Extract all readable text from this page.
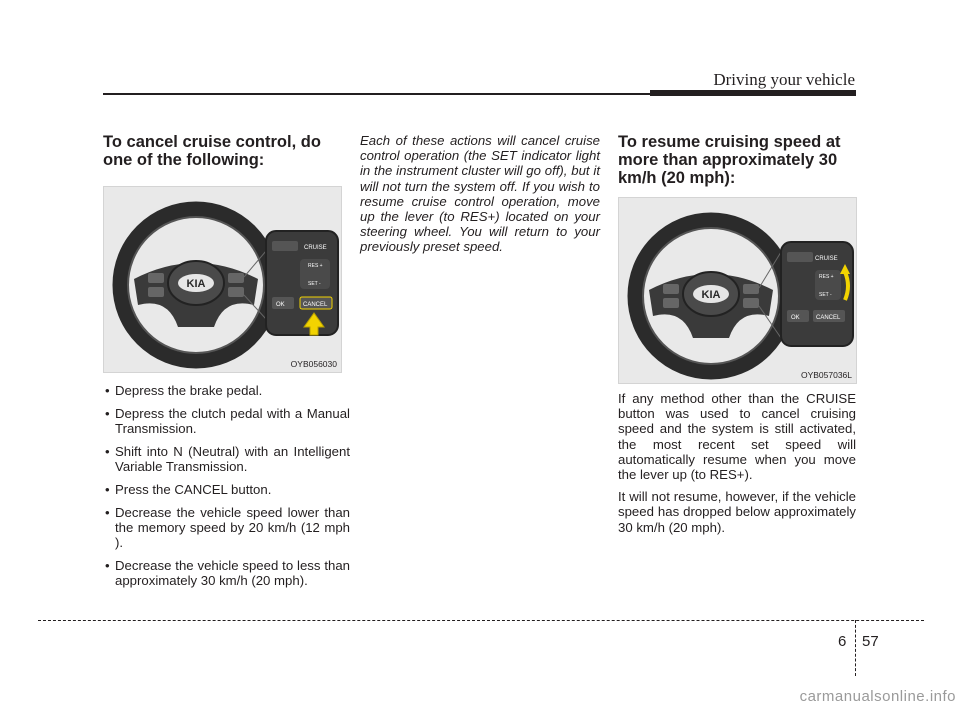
Driving your vehicle
To cancel cruise control, do one of the following:
KIA
CRUISE
RES +
SET -
OK	CANCEL
OYB056030
• Depress the brake pedal.
• Depress the clutch pedal with a Manual Transmission.
• Shift into N (Neutral) with an Intelligent Variable Transmission.
• Press the CANCEL button.
• Decrease the vehicle speed lower than the memory speed by 20 km/h (12 mph ).
• Decrease the vehicle speed to less than approximately 30 km/h (20 mph).

Each of these actions will cancel cruise control operation (the SET indicator light in the instrument cluster will go off), but it will not turn the system off. If you wish to resume cruise control operation, move up the lever (to RES+) located on your steering wheel. You will return to your previously preset speed.

To resume cruising speed at more than approximately 30 km/h (20 mph):
KIA
CRUISE
RES +
SET -
OK	CANCEL
OYB057036L

If any method other than the CRUISE button was used to cancel cruising speed and the system is still activated, the most recent set speed will automatically resume when you move the lever up (to RES+).

It will not resume, however, if the vehicle speed has dropped below approximately 30 km/h (20 mph).

6 57
carmanualsonline.info
